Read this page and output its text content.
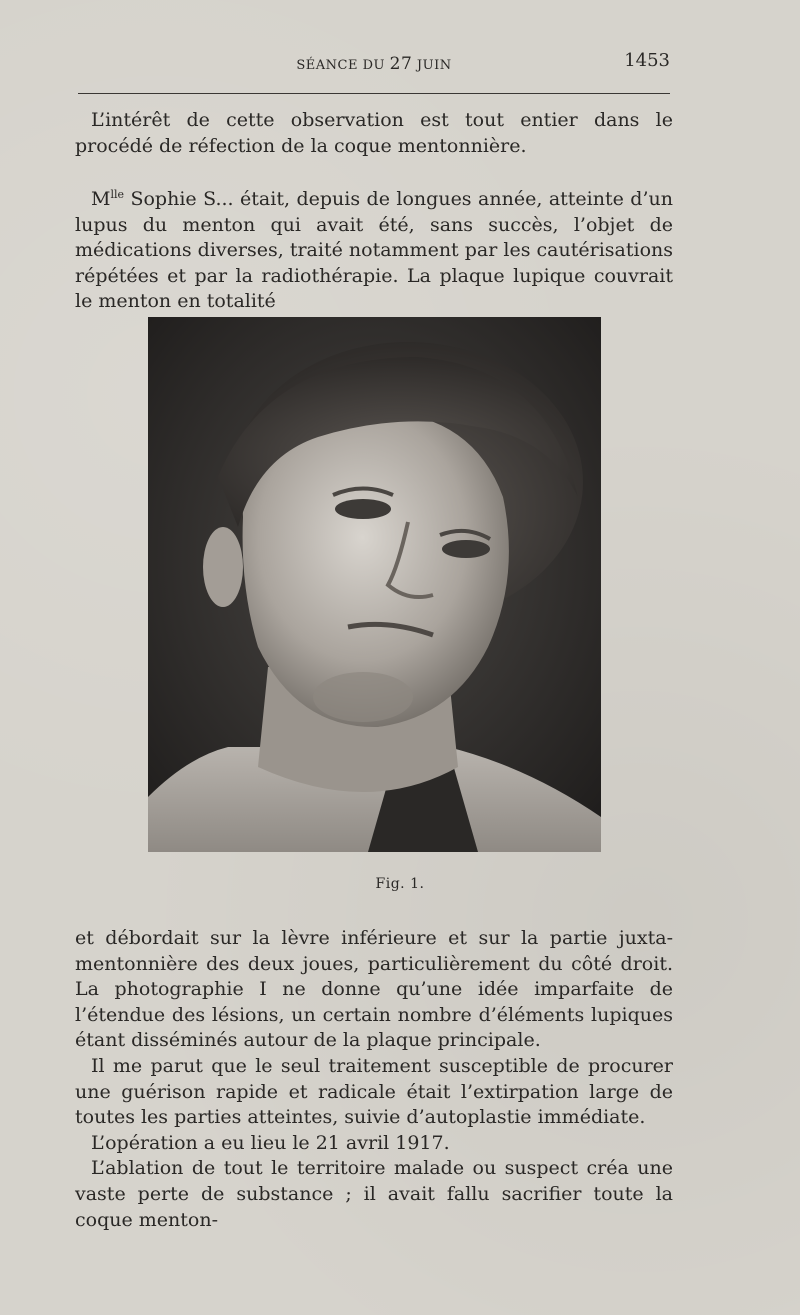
SÉANCE DU 27 JUIN	1453

L’intérêt de cette observation est tout entier dans le procédé de réfection de la coque mentonnière.

$M^{lle}$ Sophie S... était, depuis de longues année, atteinte d’un lupus du menton qui avait été, sans succès, l’objet de médications diverses, traité notamment par les cautérisations répétées et par la radiothérapie. La plaque lupique couvrait le menton en totalité

Fig. 1.

et débordait sur la lèvre inférieure et sur la partie juxta-mentonnière des deux joues, particulièrement du côté droit. La photographie I ne donne qu’une idée imparfaite de l’étendue des lésions, un certain nombre d’éléments lupiques étant disséminés autour de la plaque principale.

Il me parut que le seul traitement susceptible de procurer une guérison rapide et radicale était l’extirpation large de toutes les parties atteintes, suivie d’autoplastie immédiate.

L’opération a eu lieu le 21 avril 1917.

L’ablation de tout le territoire malade ou suspect créa une vaste perte de substance ; il avait fallu sacrifier toute la coque menton-
